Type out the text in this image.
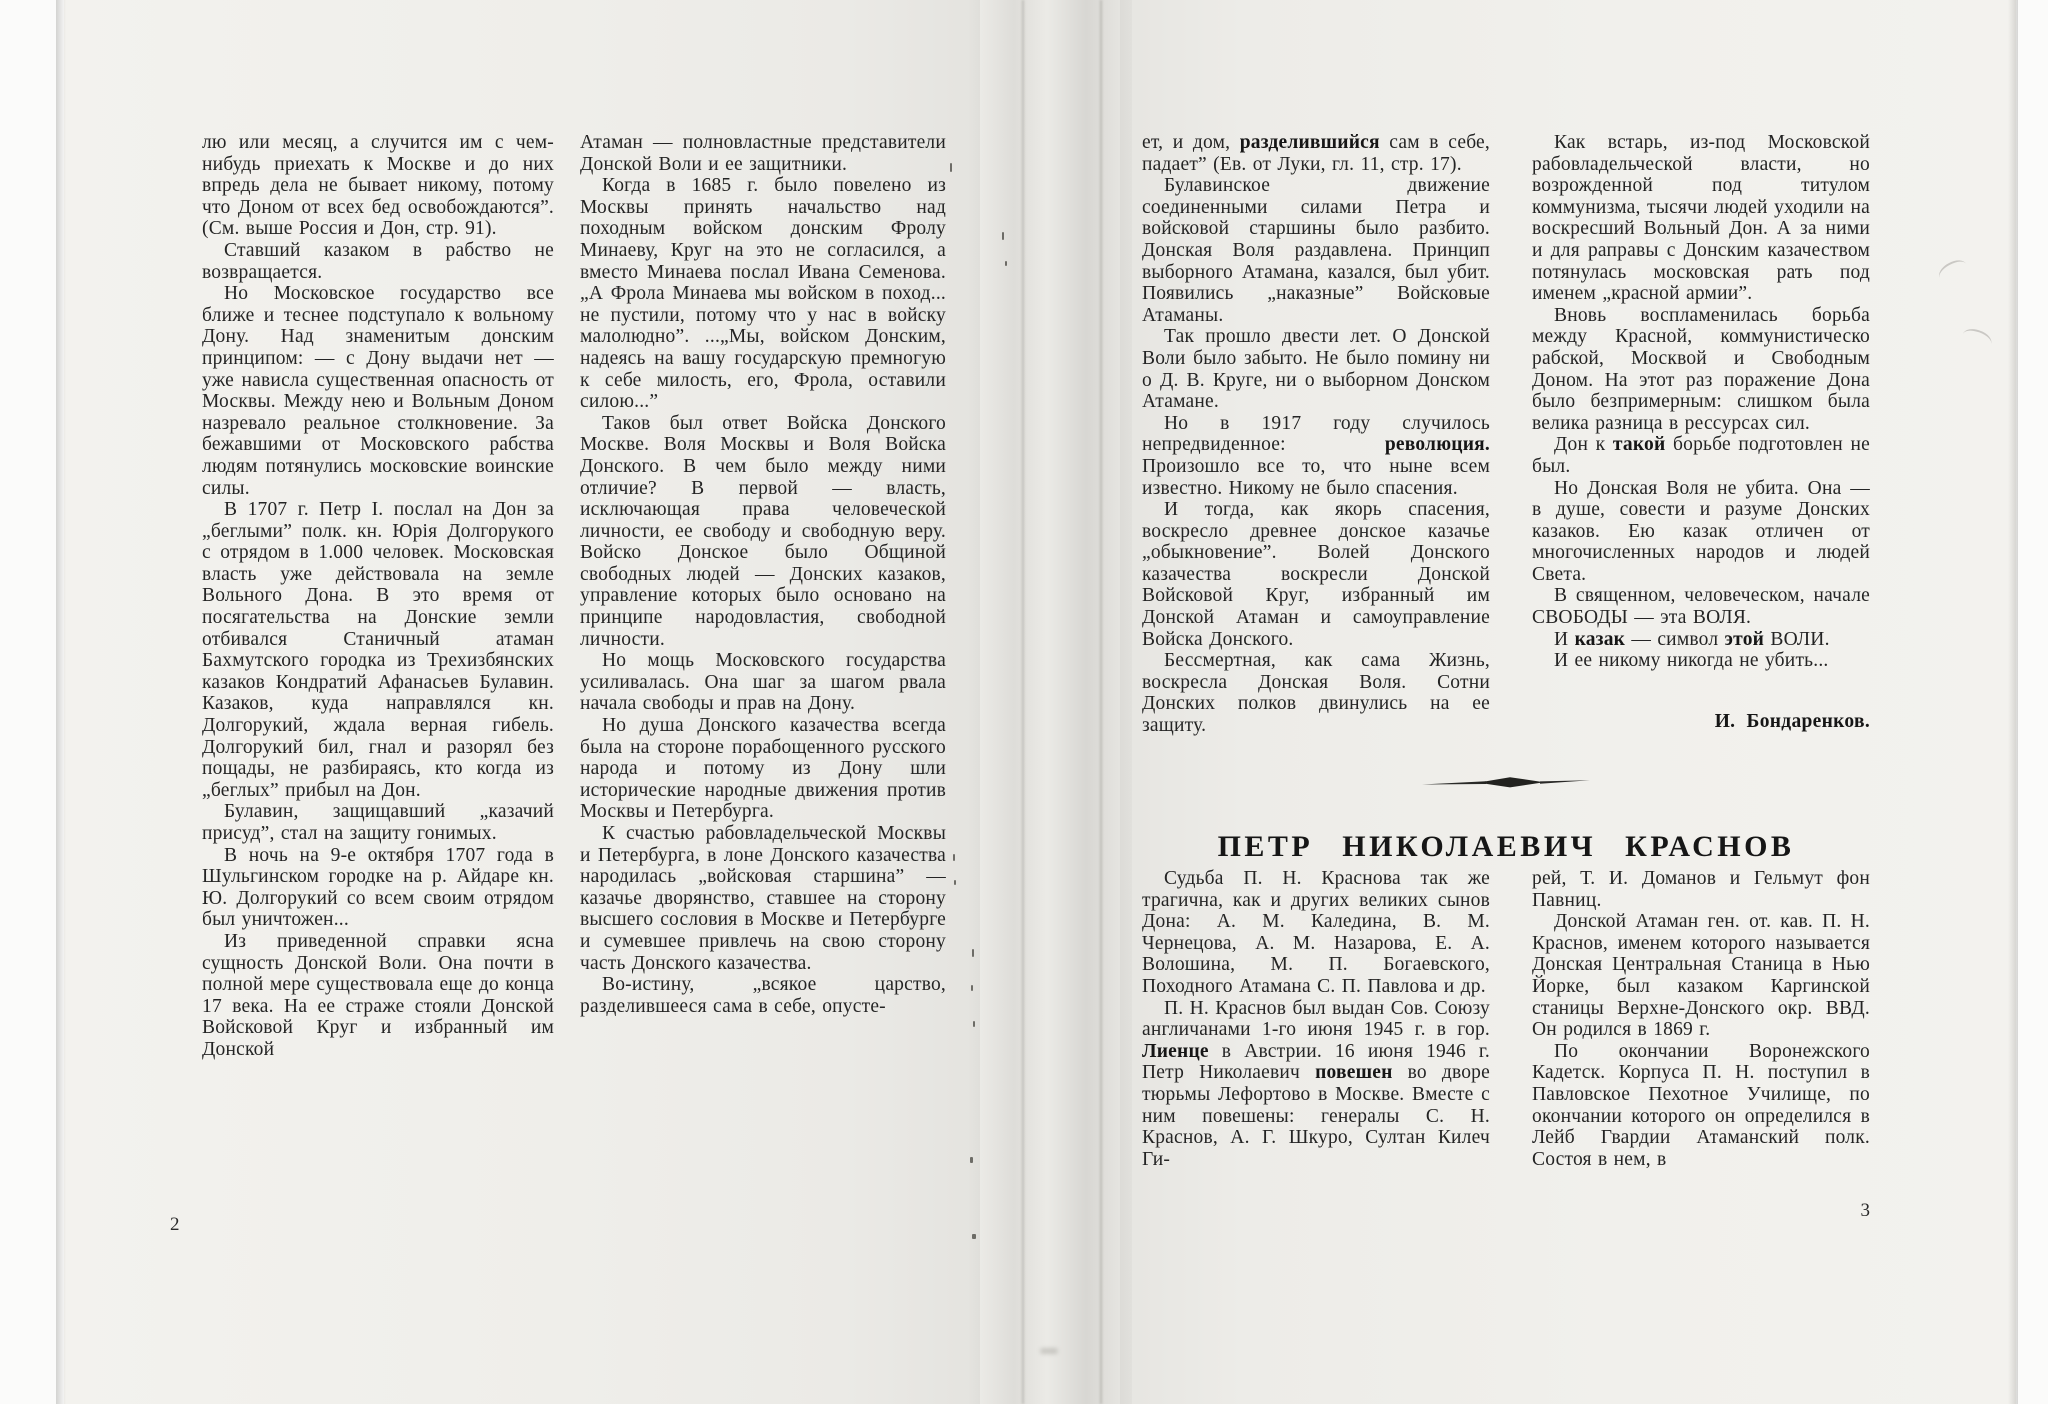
лю или месяц, а случится им с чем-нибудь приехать к Москве и до них впредь дела не бывает никому, потому что Доном от всех бед освобождаются”. (См. выше Россия и Дон, стр. 91).

Ставший казаком в рабство не возвращается.

Но Московское государство все ближе и теснее подступало к вольному Дону. Над знаменитым донским принципом: — с Дону выдачи нет — уже нависла существенная опасность от Москвы. Между нею и Вольным Доном назревало реальное столкновение. За бежавшими от Московского рабства людям потянулись московские воинские силы.

В 1707 г. Петр I. послал на Дон за „беглыми” полк. кн. Юрія Долгорукого с отрядом в 1.000 человек. Московская власть уже действовала на земле Вольного Дона. В это время от посягательства на Донские земли отбивался Станичный атаман Бахмутского городка из Трехизбянских казаков Кондратий Афанасьев Булавин. Казаков, куда направлялся кн. Долгорукий, ждала верная гибель. Долгорукий бил, гнал и разорял без пощады, не разбираясь, кто когда из „беглых” прибыл на Дон.

Булавин, защищавший „казачий присуд”, стал на защиту гонимых.

В ночь на 9-е октября 1707 года в Шульгинском городке на р. Айдаре кн. Ю. Долгорукий со всем своим отрядом был уничтожен...

Из приведенной справки ясна сущность Донской Воли. Она почти в полной мере существовала еще до конца 17 века. На ее страже стояли Донской Войсковой Круг и избранный им Донской

Атаман — полновластные представители Донской Воли и ее защитники.

Когда в 1685 г. было повелено из Москвы принять начальство над походным войском донским Фролу Минаеву, Круг на это не согласился, а вместо Минаева послал Ивана Семенова. „А Фрола Минаева мы войском в поход... не пустили, потому что у нас в войску малолюдно”. ...„Мы, войском Донским, надеясь на вашу государскую премногую к себе милость, его, Фрола, оставили силою...”

Таков был ответ Войска Донского Москве. Воля Москвы и Воля Войска Донского. В чем было между ними отличие? В первой — власть, исключающая права человеческой личности, ее свободу и свободную веру. Войско Донское было Общиной свободных людей — Донских казаков, управление которых было основано на принципе народовластия, свободной личности.

Но мощь Московского государства усиливалась. Она шаг за шагом рвала начала свободы и прав на Дону.

Но душа Донского казачества всегда была на стороне порабощенного русского народа и потому из Дону шли исторические народные движения против Москвы и Петербурга.

К счастью рабовладельческой Москвы и Петербурга, в лоне Донского казачества народилась „войсковая старшина” — казачье дворянство, ставшее на сторону высшего сословия в Москве и Петербурге и сумевшее привлечь на свою сторону часть Донского казачества.

Во-истину, „всякое царство, разделившееся сама в себе, опусте-

ет, и дом, разделившийся сам в себе, падает” (Ев. от Луки, гл. 11, стр. 17).

Булавинское движение соединенными силами Петра и войсковой старшины было разбито. Донская Воля раздавлена. Принцип выборного Атамана, казался, был убит. Появились „наказные” Войсковые Атаманы.

Так прошло двести лет. О Донской Воли было забыто. Не было помину ни о Д. В. Круге, ни о выборном Донском Атамане.

Но в 1917 году случилось непредвиденное: революция. Произошло все то, что ныне всем известно. Никому не было спасения.

И тогда, как якорь спасения, воскресло древнее донское казачье „обыкновение”. Волей Донского казачества воскресли Донской Войсковой Круг, избранный им Донской Атаман и самоуправление Войска Донского.

Бессмертная, как сама Жизнь, воскресла Донская Воля. Сотни Донских полков двинулись на ее защиту.

Как встарь, из-под Московской рабовладельческой власти, но возрожденной под титулом коммунизма, тысячи людей уходили на воскресший Вольный Дон. А за ними и для раправы с Донским казачеством потянулась московская рать под именем „красной армии”.

Вновь воспламенилась борьба между Красной, коммунистическо рабской, Москвой и Свободным Доном. На этот раз поражение Дона было безпримерным: слишком была велика разница в рессурсах сил.

Дон к такой борьбе подготовлен не был.

Но Донская Воля не убита. Она — в душе, совести и разуме Донских казаков. Ею казак отличен от многочисленных народов и людей Света.

В священном, человеческом, начале СВОБОДЫ — эта ВОЛЯ.

И казак — символ этой ВОЛИ.

И ее никому никогда не убить...

И. Бондаренков.
ПЕТР НИКОЛАЕВИЧ КРАСНОВ

Судьба П. Н. Краснова так же трагична, как и других великих сынов Дона: А. М. Каледина, В. М. Чернецова, А. М. Назарова, Е. А. Волошина, М. П. Богаевского, Походного Атамана С. П. Павлова и др.

П. Н. Краснов был выдан Сов. Союзу англичанами 1-го июня 1945 г. в гор. Лиенце в Австрии. 16 июня 1946 г. Петр Николаевич повешен во дворе тюрьмы Лефортово в Москве. Вместе с ним повешены: генералы С. Н. Краснов, А. Г. Шкуро, Султан Килеч Ги-

рей, Т. И. Доманов и Гельмут фон Павниц.

Донской Атаман ген. от. кав. П. Н. Краснов, именем которого называется Донская Центральная Станица в Нью Йорке, был казаком Каргинской станицы Верхне-Донского окр. ВВД. Он родился в 1869 г.

По окончании Воронежского Кадетск. Корпуса П. Н. поступил в Павловское Пехотное Училище, по окончании которого он определился в Лейб Гвардии Атаманский полк. Состоя в нем, в

2
3
